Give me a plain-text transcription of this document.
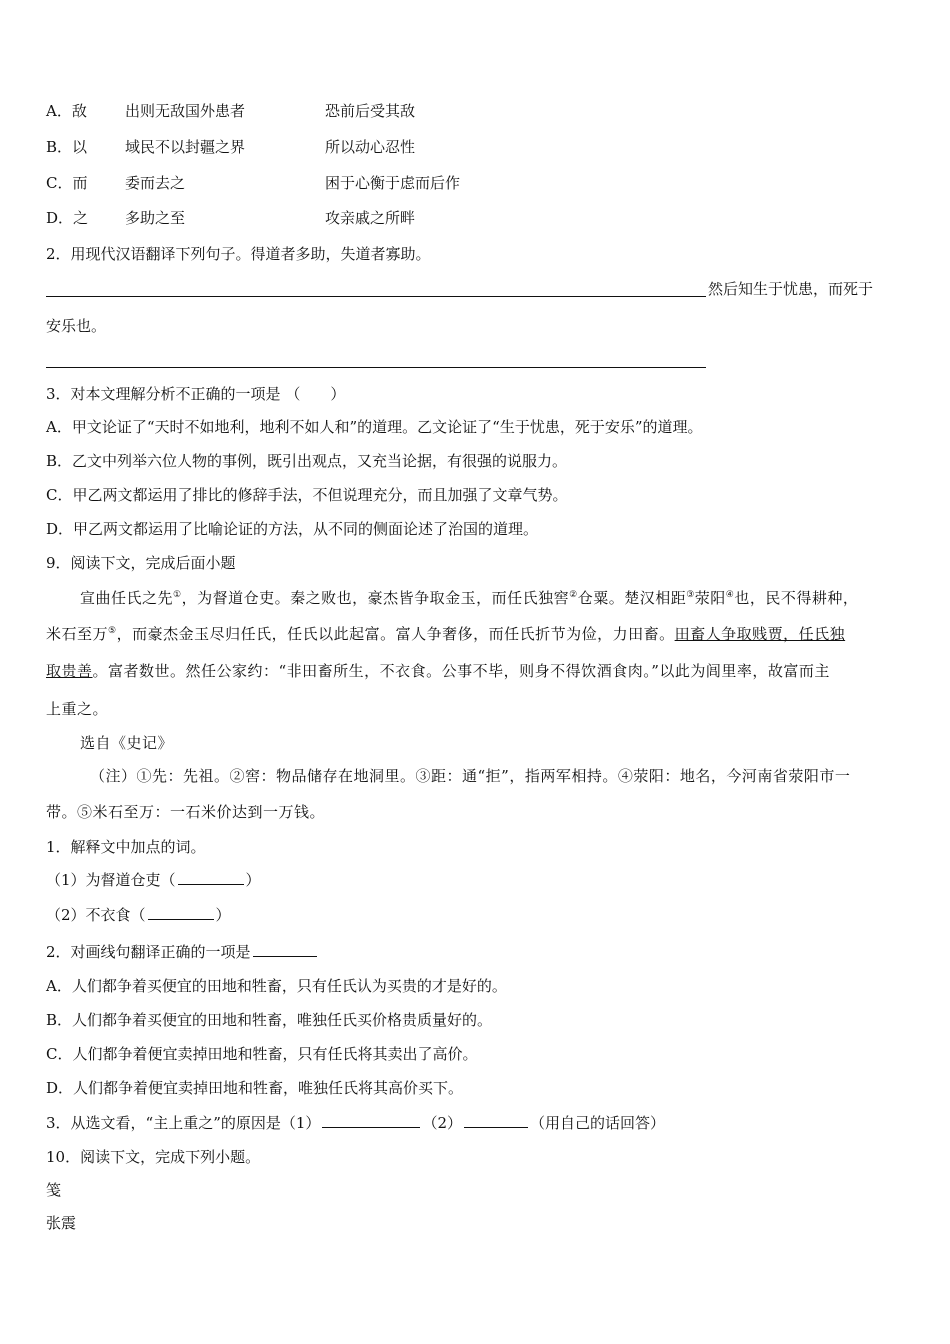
A．敌	出则无敌国外患者	恐前后受其敌
B．以	域民不以封疆之界	所以动心忍性
C．而	委而去之	困于心衡于虑而后作
D．之 多助之至	攻亲戚之所畔
2．用现代汉语翻译下列句子。得道者多助，失道者寡助。
然后知生于忧患，而死于
安乐也。
3．对本文理解分析不正确的一项是 （　　）
A．甲文论证了“天时不如地利，地利不如人和”的道理。乙文论证了“生于忧患，死于安乐”的道理。
B．乙文中列举六位人物的事例，既引出观点，又充当论据，有很强的说服力。
C．甲乙两文都运用了排比的修辞手法，不但说理充分，而且加强了文章气势。
D．甲乙两文都运用了比喻论证的方法，从不同的侧面论述了治国的道理。
9．阅读下文，完成后面小题
宣曲任氏之先①，为督道仓吏。秦之败也，豪杰皆争取金玉，而任氏独窖②仓粟。楚汉相距③荥阳④也，民不得耕种，
米石至万⑤，而豪杰金玉尽归任氏，任氏以此起富。富人争奢侈，而任氏折节为俭，力田畜。田畜人争取贱贾，任氏独
取贵善。富者数世。然任公家约：“非田畜所生，不衣食。公事不毕，则身不得饮酒食肉。”以此为闾里率，故富而主
上重之。
选自《史记》
（注）①先：先祖。②窖：物品储存在地洞里。③距：通“拒”，指两军相持。④荥阳：地名，今河南省荥阳市一
带。⑤米石至万：一石米价达到一万钱。
1．解释文中加点的词。
（1）为督道仓吏（	）
（2）不衣食（	）
2．对画线句翻译正确的一项是
A．人们都争着买便宜的田地和牲畜，只有任氏认为买贵的才是好的。
B．人们都争着买便宜的田地和牲畜，唯独任氏买价格贵质量好的。
C．人们都争着便宜卖掉田地和牲畜，只有任氏将其卖出了高价。
D．人们都争着便宜卖掉田地和牲畜，唯独任氏将其高价买下。
3．从选文看，“主上重之”的原因是（1）	（2）	（用自己的话回答）
10．阅读下文，完成下列小题。
笺
张震
